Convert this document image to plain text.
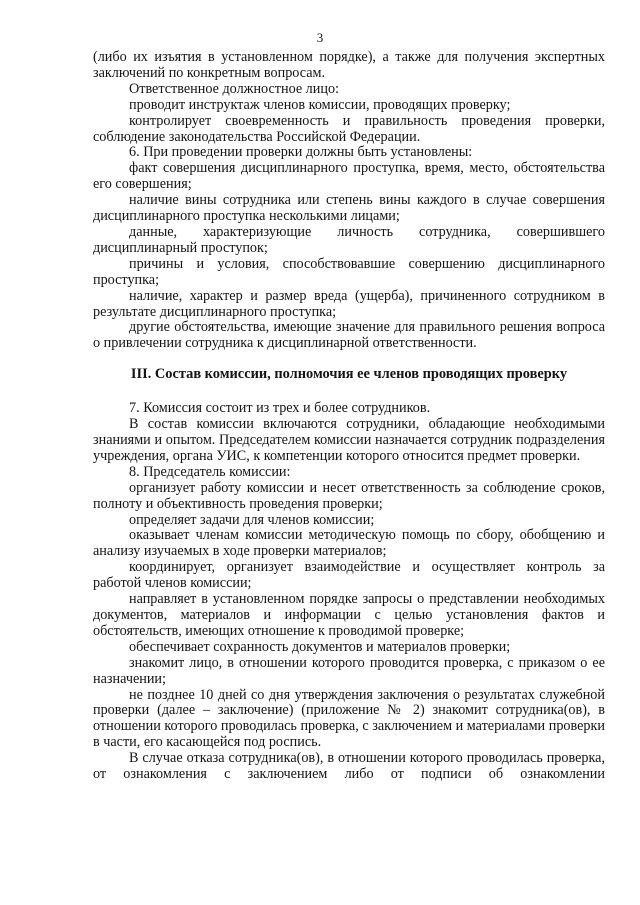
3

(либо их изъятия в установленном порядке), а также для получения экспертных заключений по конкретным вопросам.

Ответственное должностное лицо:

проводит инструктаж членов комиссии, проводящих проверку;

контролирует своевременность и правильность проведения проверки, соблюдение законодательства Российской Федерации.

6. При проведении проверки должны быть установлены:

факт совершения дисциплинарного проступка, время, место, обстоятельства его совершения;

наличие вины сотрудника или степень вины каждого в случае совершения дисциплинарного проступка несколькими лицами;

данные, характеризующие личность сотрудника, совершившего дисциплинарный проступок;

причины и условия, способствовавшие совершению дисциплинарного проступка;

наличие, характер и размер вреда (ущерба), причиненного сотрудником в результате дисциплинарного проступка;

другие обстоятельства, имеющие значение для правильного решения вопроса о привлечении сотрудника к дисциплинарной ответственности.

III. Состав комиссии, полномочия ее членов проводящих проверку

7. Комиссия состоит из трех и более сотрудников.

В состав комиссии включаются сотрудники, обладающие необходимыми знаниями и опытом. Председателем комиссии назначается сотрудник подразделения учреждения, органа УИС, к компетенции которого относится предмет проверки.

8. Председатель комиссии:

организует работу комиссии и несет ответственность за соблюдение сроков, полноту и объективность проведения проверки;

определяет задачи для членов комиссии;

оказывает членам комиссии методическую помощь по сбору, обобщению и анализу изучаемых в ходе проверки материалов;

координирует, организует взаимодействие и осуществляет контроль за работой членов комиссии;

направляет в установленном порядке запросы о представлении необходимых документов, материалов и информации с целью установления фактов и обстоятельств, имеющих отношение к проводимой проверке;

обеспечивает сохранность документов и материалов проверки;

знакомит лицо, в отношении которого проводится проверка, с приказом о ее назначении;

не позднее 10 дней со дня утверждения заключения о результатах служебной проверки (далее – заключение) (приложение № 2) знакомит сотрудника(ов), в отношении которого проводилась проверка, с заключением и материалами проверки в части, его касающейся под роспись.

В случае отказа сотрудника(ов), в отношении которого проводилась проверка, от ознакомления с заключением либо от подписи об ознакомлении
